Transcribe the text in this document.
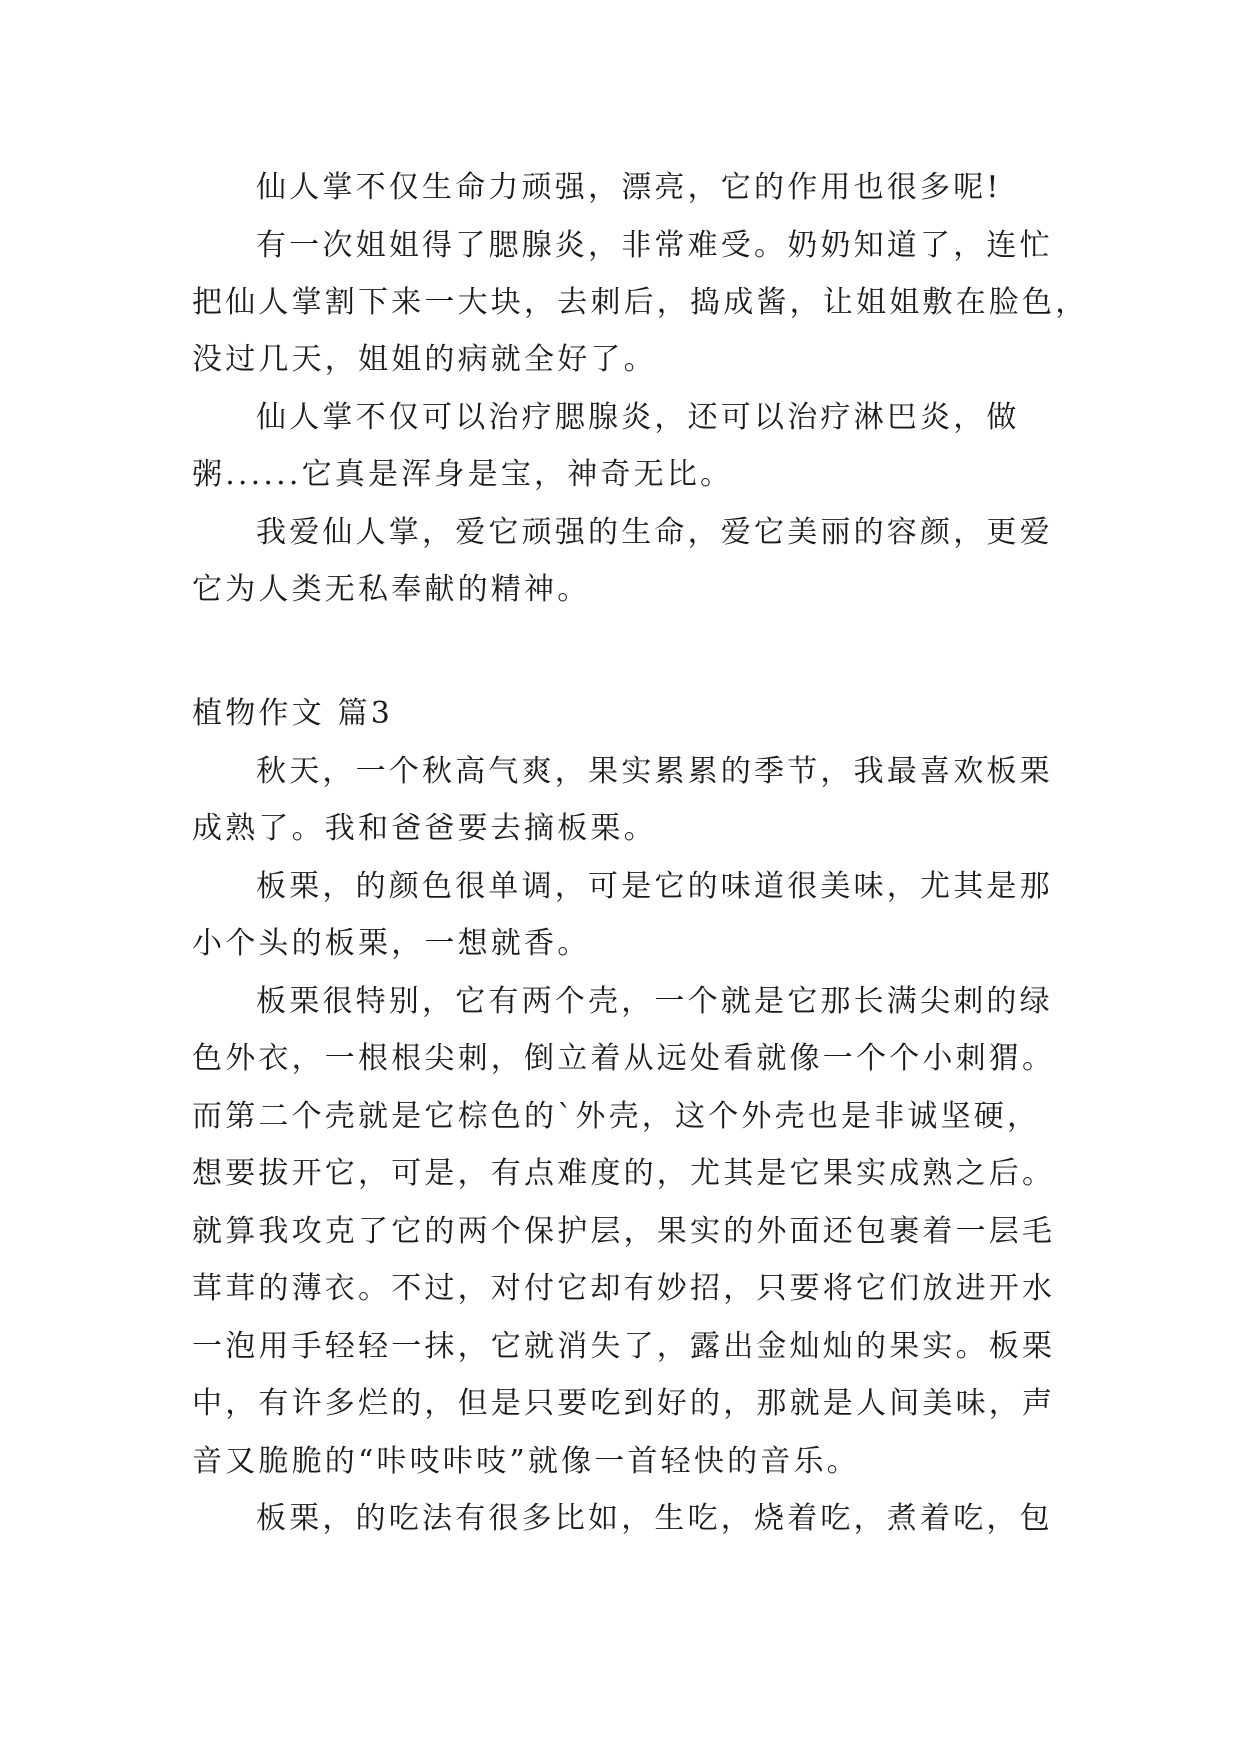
仙人掌不仅生命力顽强，漂亮，它的作用也很多呢!
有一次姐姐得了腮腺炎，非常难受。奶奶知道了，连忙
把仙人掌割下来一大块，去刺后，捣成酱，让姐姐敷在脸色，
没过几天，姐姐的病就全好了。
仙人掌不仅可以治疗腮腺炎，还可以治疗淋巴炎，做
粥......它真是浑身是宝，神奇无比。
我爱仙人掌，爱它顽强的生命，爱它美丽的容颜，更爱
它为人类无私奉献的精神。
植物作文 篇3
秋天，一个秋高气爽，果实累累的季节，我最喜欢板栗
成熟了。我和爸爸要去摘板栗。
板栗，的颜色很单调，可是它的味道很美味，尤其是那
小个头的板栗，一想就香。
板栗很特别，它有两个壳，一个就是它那长满尖刺的绿
色外衣，一根根尖刺，倒立着从远处看就像一个个小刺猬。
而第二个壳就是它棕色的`外壳，这个外壳也是非诚坚硬，
想要拔开它，可是，有点难度的，尤其是它果实成熟之后。
就算我攻克了它的两个保护层，果实的外面还包裹着一层毛
茸茸的薄衣。不过，对付它却有妙招，只要将它们放进开水
一泡用手轻轻一抹，它就消失了，露出金灿灿的果实。板栗
中，有许多烂的，但是只要吃到好的，那就是人间美味，声
音又脆脆的“咔吱咔吱”就像一首轻快的音乐。
板栗，的吃法有很多比如，生吃，烧着吃，煮着吃，包
